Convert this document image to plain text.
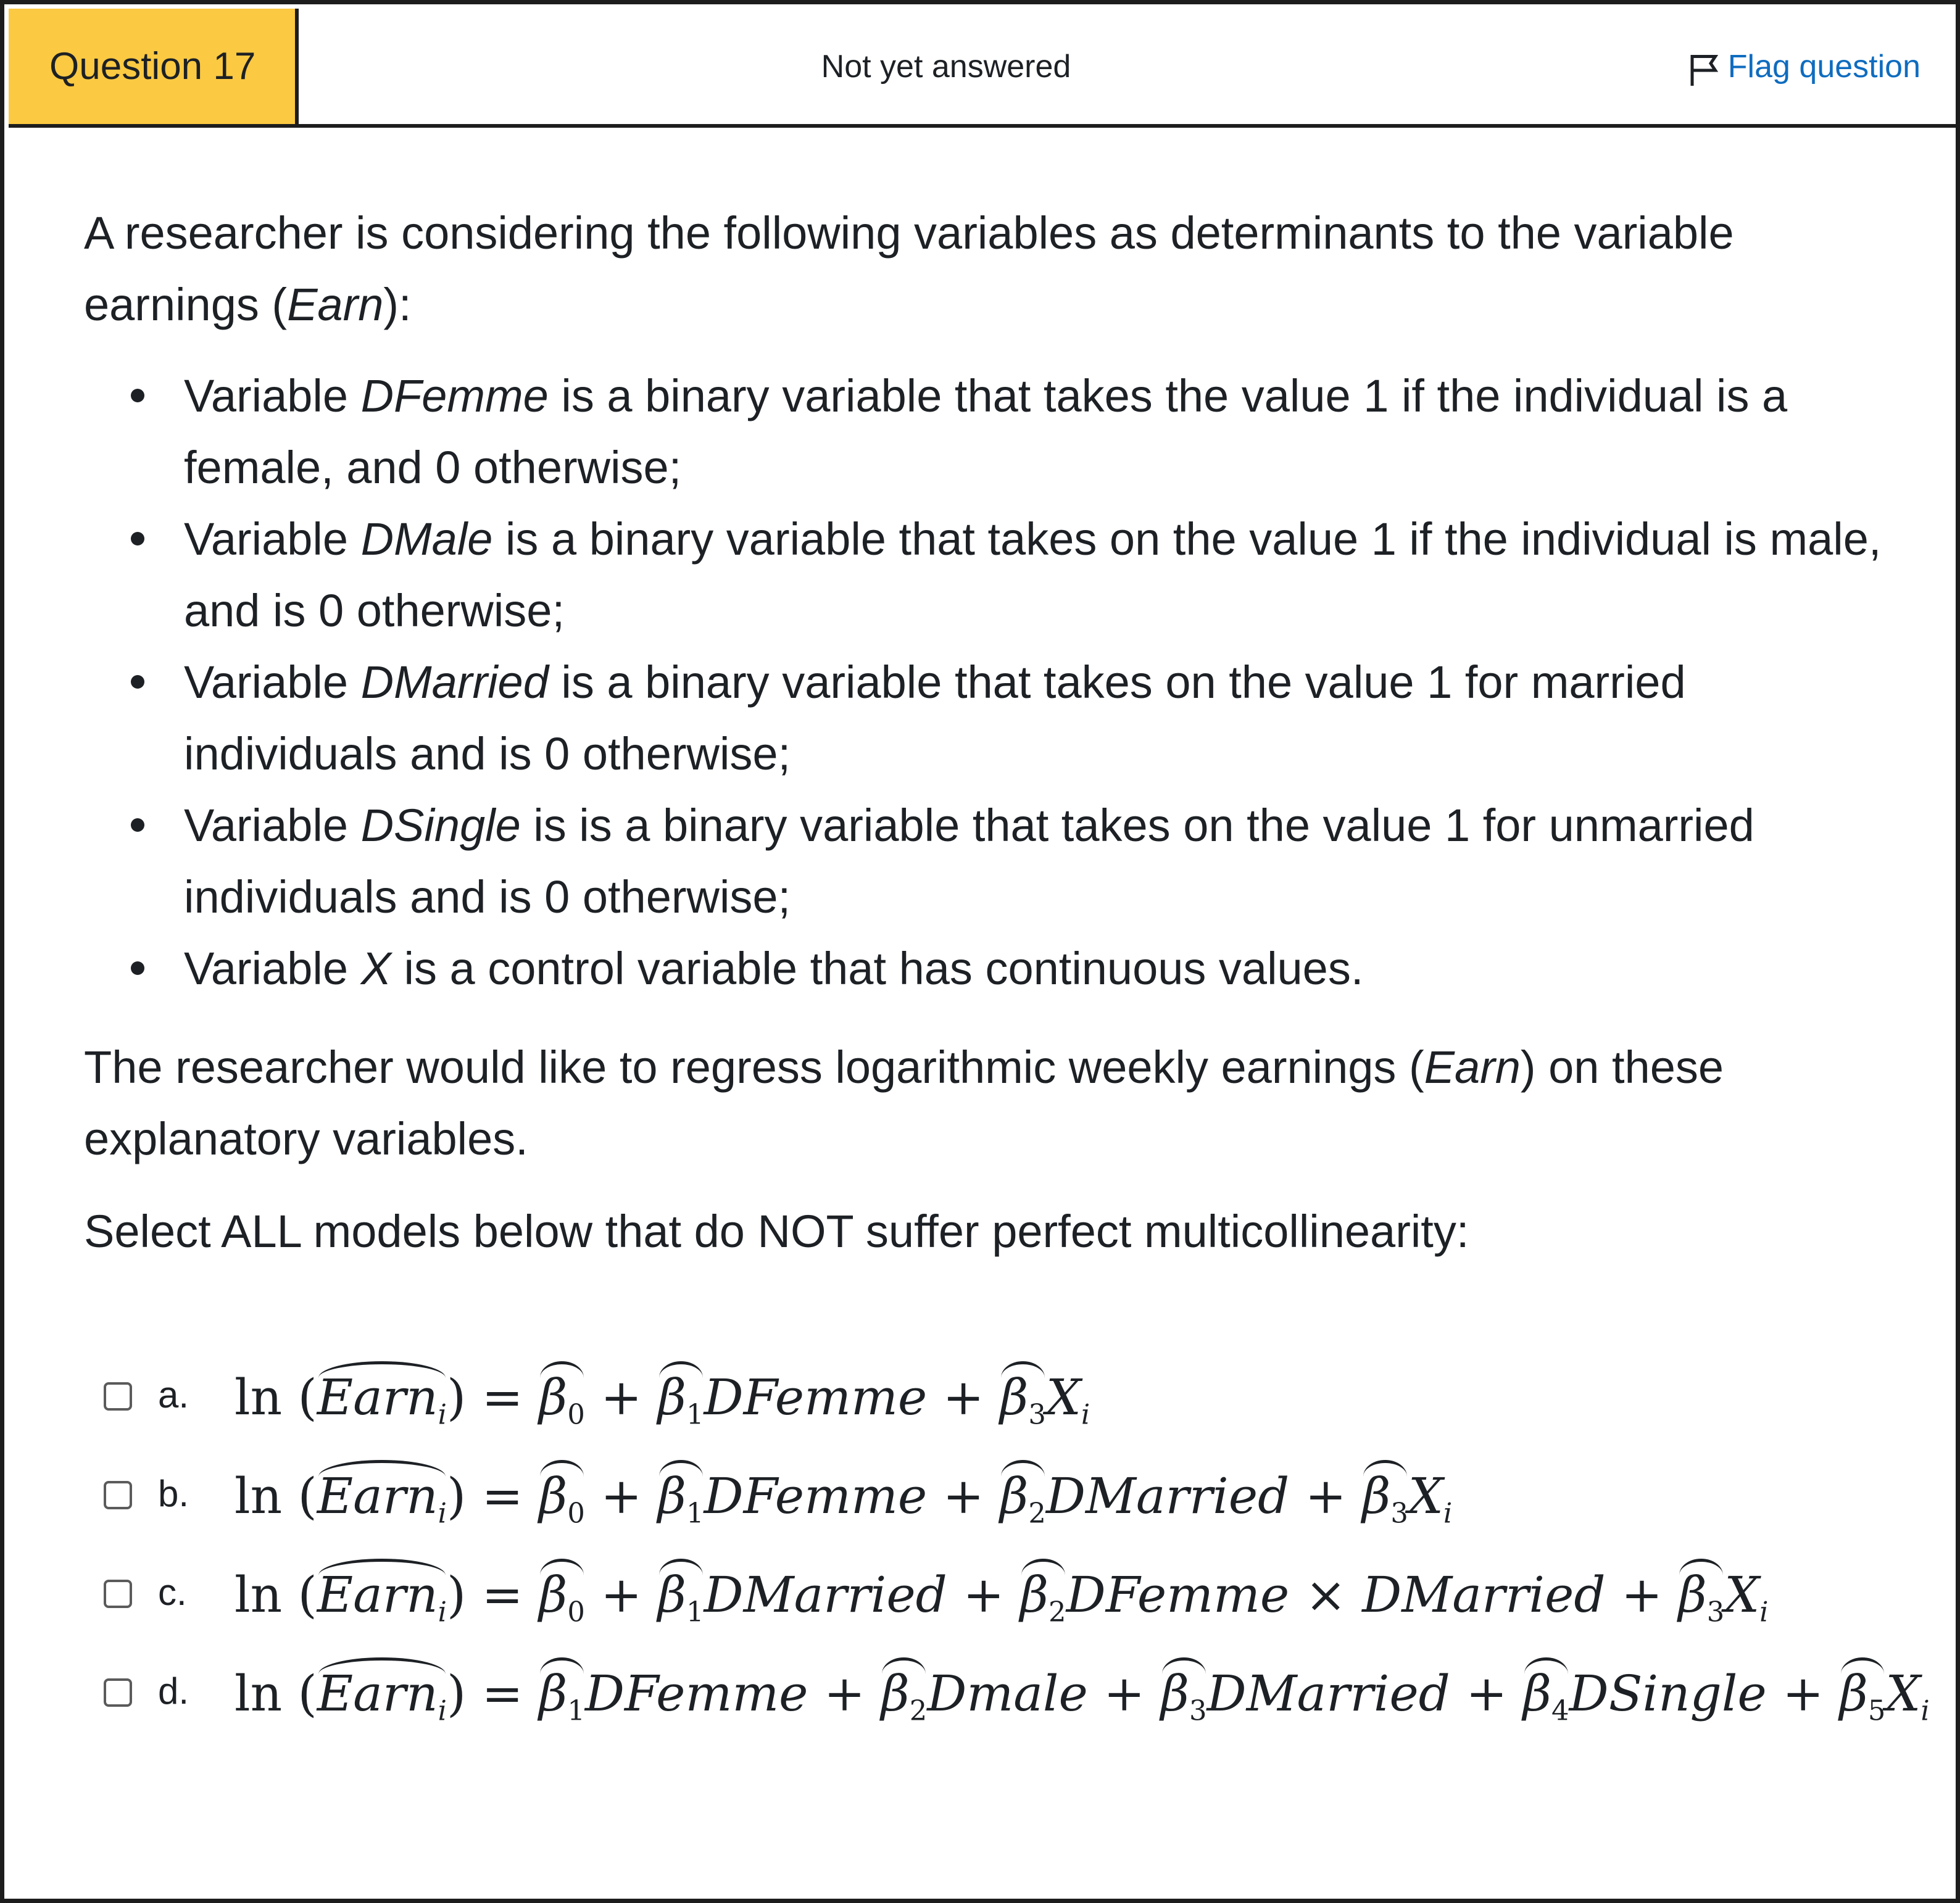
Question 17	Not yet answered	Flag question

A researcher is considering the following variables as determinants to the variable earnings (Earn):

Variable DFemme is a binary variable that takes the value 1 if the individual is a female, and 0 otherwise;
Variable DMale is a binary variable that takes on the value 1 if the individual is male, and is 0 otherwise;
Variable DMarried is a binary variable that takes on the value 1 for married individuals and is 0 otherwise;
Variable DSingle is is a binary variable that takes on the value 1 for unmarried individuals and is 0 otherwise;
Variable X is a control variable that has continuous values.

The researcher would like to regress logarithmic weekly earnings (Earn) on these explanatory variables.

Select ALL models below that do NOT suffer perfect multicollinearity:

a. ln (Earn$_i$) = $\beta_0$ + $\beta_1DFemme + \beta_3X_i$
b. ln (Earn$_i$) = $\beta_0$ + $\beta_1DFemme$ + $\beta_2DMarried + \beta_3X_i$
c. ln (Earn$_i$) = $\beta_0$ + $\beta_1DMarried$ + $\beta_2DFemme$ × DMarried + $\beta_3X_i$
d. ln (Earn$_i$) = $\beta_1DFemme$ + $\beta_2Dmale$ + $\beta_3DMarried$ + $\beta_4DSingle + \beta_5X_i$
